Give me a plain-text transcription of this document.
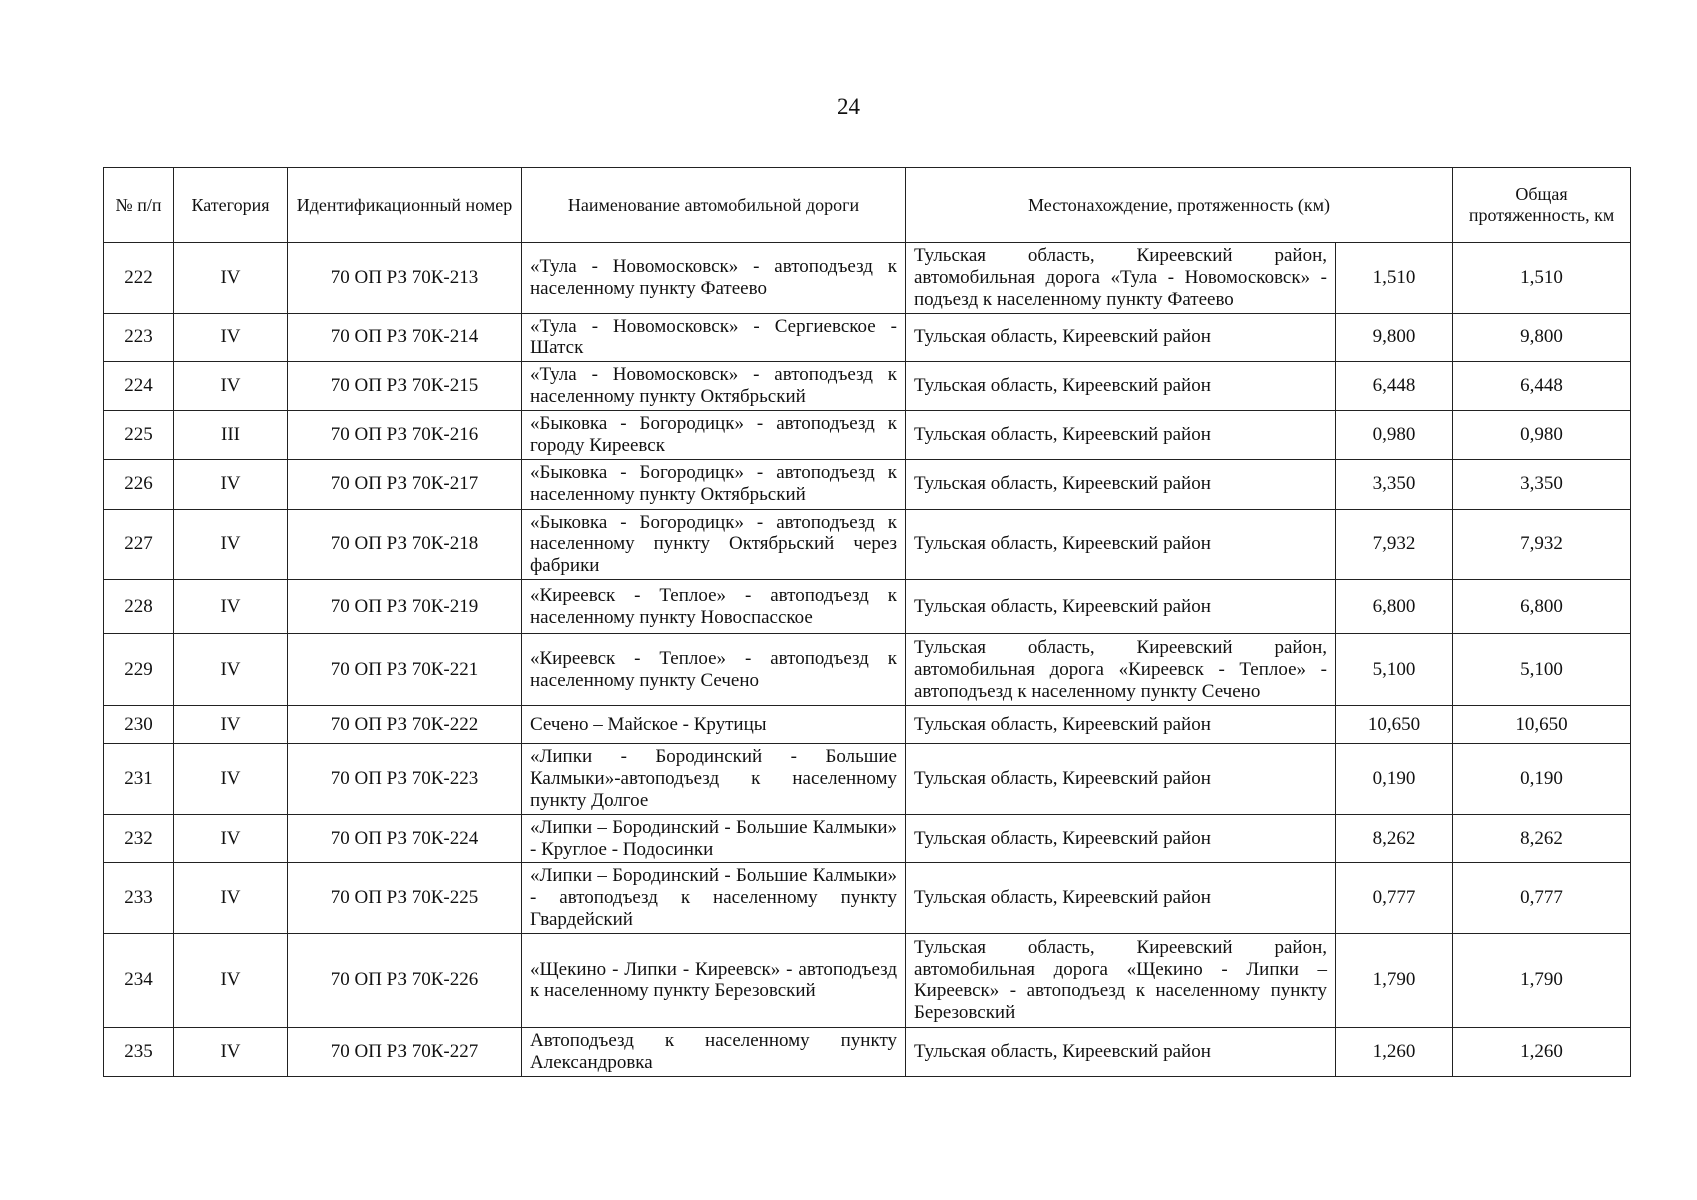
24
№ п/п	Категория	Идентификационный номер	Наименование автомобильной дороги	Местонахождение, протяженность (км)		Общая протяженность, км
222	IV	70 ОП РЗ 70К-213	«Тула - Новомосковск» - автоподъезд к населенному пункту Фатеево	Тульская область, Киреевский район, автомобильная дорога «Тула - Новомосковск» - подъезд к населенному пункту Фатеево	1,510	1,510
223	IV	70 ОП РЗ 70К-214	«Тула - Новомосковск» - Сергиевское - Шатск	Тульская область, Киреевский район	9,800	9,800
224	IV	70 ОП РЗ 70К-215	«Тула - Новомосковск» - автоподъезд к населенному пункту Октябрьский	Тульская область, Киреевский район	6,448	6,448
225	III	70 ОП РЗ 70К-216	«Быковка - Богородицк» - автоподъезд к городу Киреевск	Тульская область, Киреевский район	0,980	0,980
226	IV	70 ОП РЗ 70К-217	«Быковка - Богородицк» - автоподъезд к населенному пункту Октябрьский	Тульская область, Киреевский район	3,350	3,350
227	IV	70 ОП РЗ 70К-218	«Быковка - Богородицк» - автоподъезд к населенному пункту Октябрьский через фабрики	Тульская область, Киреевский район	7,932	7,932
228	IV	70 ОП РЗ 70К-219	«Киреевск - Теплое» - автоподъезд к населенному пункту Новоспасское	Тульская область, Киреевский район	6,800	6,800
229	IV	70 ОП РЗ 70К-221	«Киреевск - Теплое» - автоподъезд к населенному пункту Сечено	Тульская область, Киреевский район, автомобильная дорога «Киреевск - Теплое» - автоподъезд к населенному пункту Сечено	5,100	5,100
230	IV	70 ОП РЗ 70К-222	Сечено – Майское - Крутицы	Тульская область, Киреевский район	10,650	10,650
231	IV	70 ОП РЗ 70К-223	«Липки - Бородинский - Большие Калмыки»-автоподъезд к населенному пункту Долгое	Тульская область, Киреевский район	0,190	0,190
232	IV	70 ОП РЗ 70К-224	«Липки – Бородинский - Большие Калмыки» - Круглое - Подосинки	Тульская область, Киреевский район	8,262	8,262
233	IV	70 ОП РЗ 70К-225	«Липки – Бородинский - Большие Калмыки» - автоподъезд к населенному пункту Гвардейский	Тульская область, Киреевский район	0,777	0,777
234	IV	70 ОП РЗ 70К-226	«Щекино - Липки - Киреевск» - автоподъезд к населенному пункту Березовский	Тульская область, Киреевский район, автомобильная дорога «Щекино - Липки – Киреевск» - автоподъезд к населенному пункту Березовский	1,790	1,790
235	IV	70 ОП РЗ 70К-227	Автоподъезд к населенному пункту Александровка	Тульская область, Киреевский район	1,260	1,260
